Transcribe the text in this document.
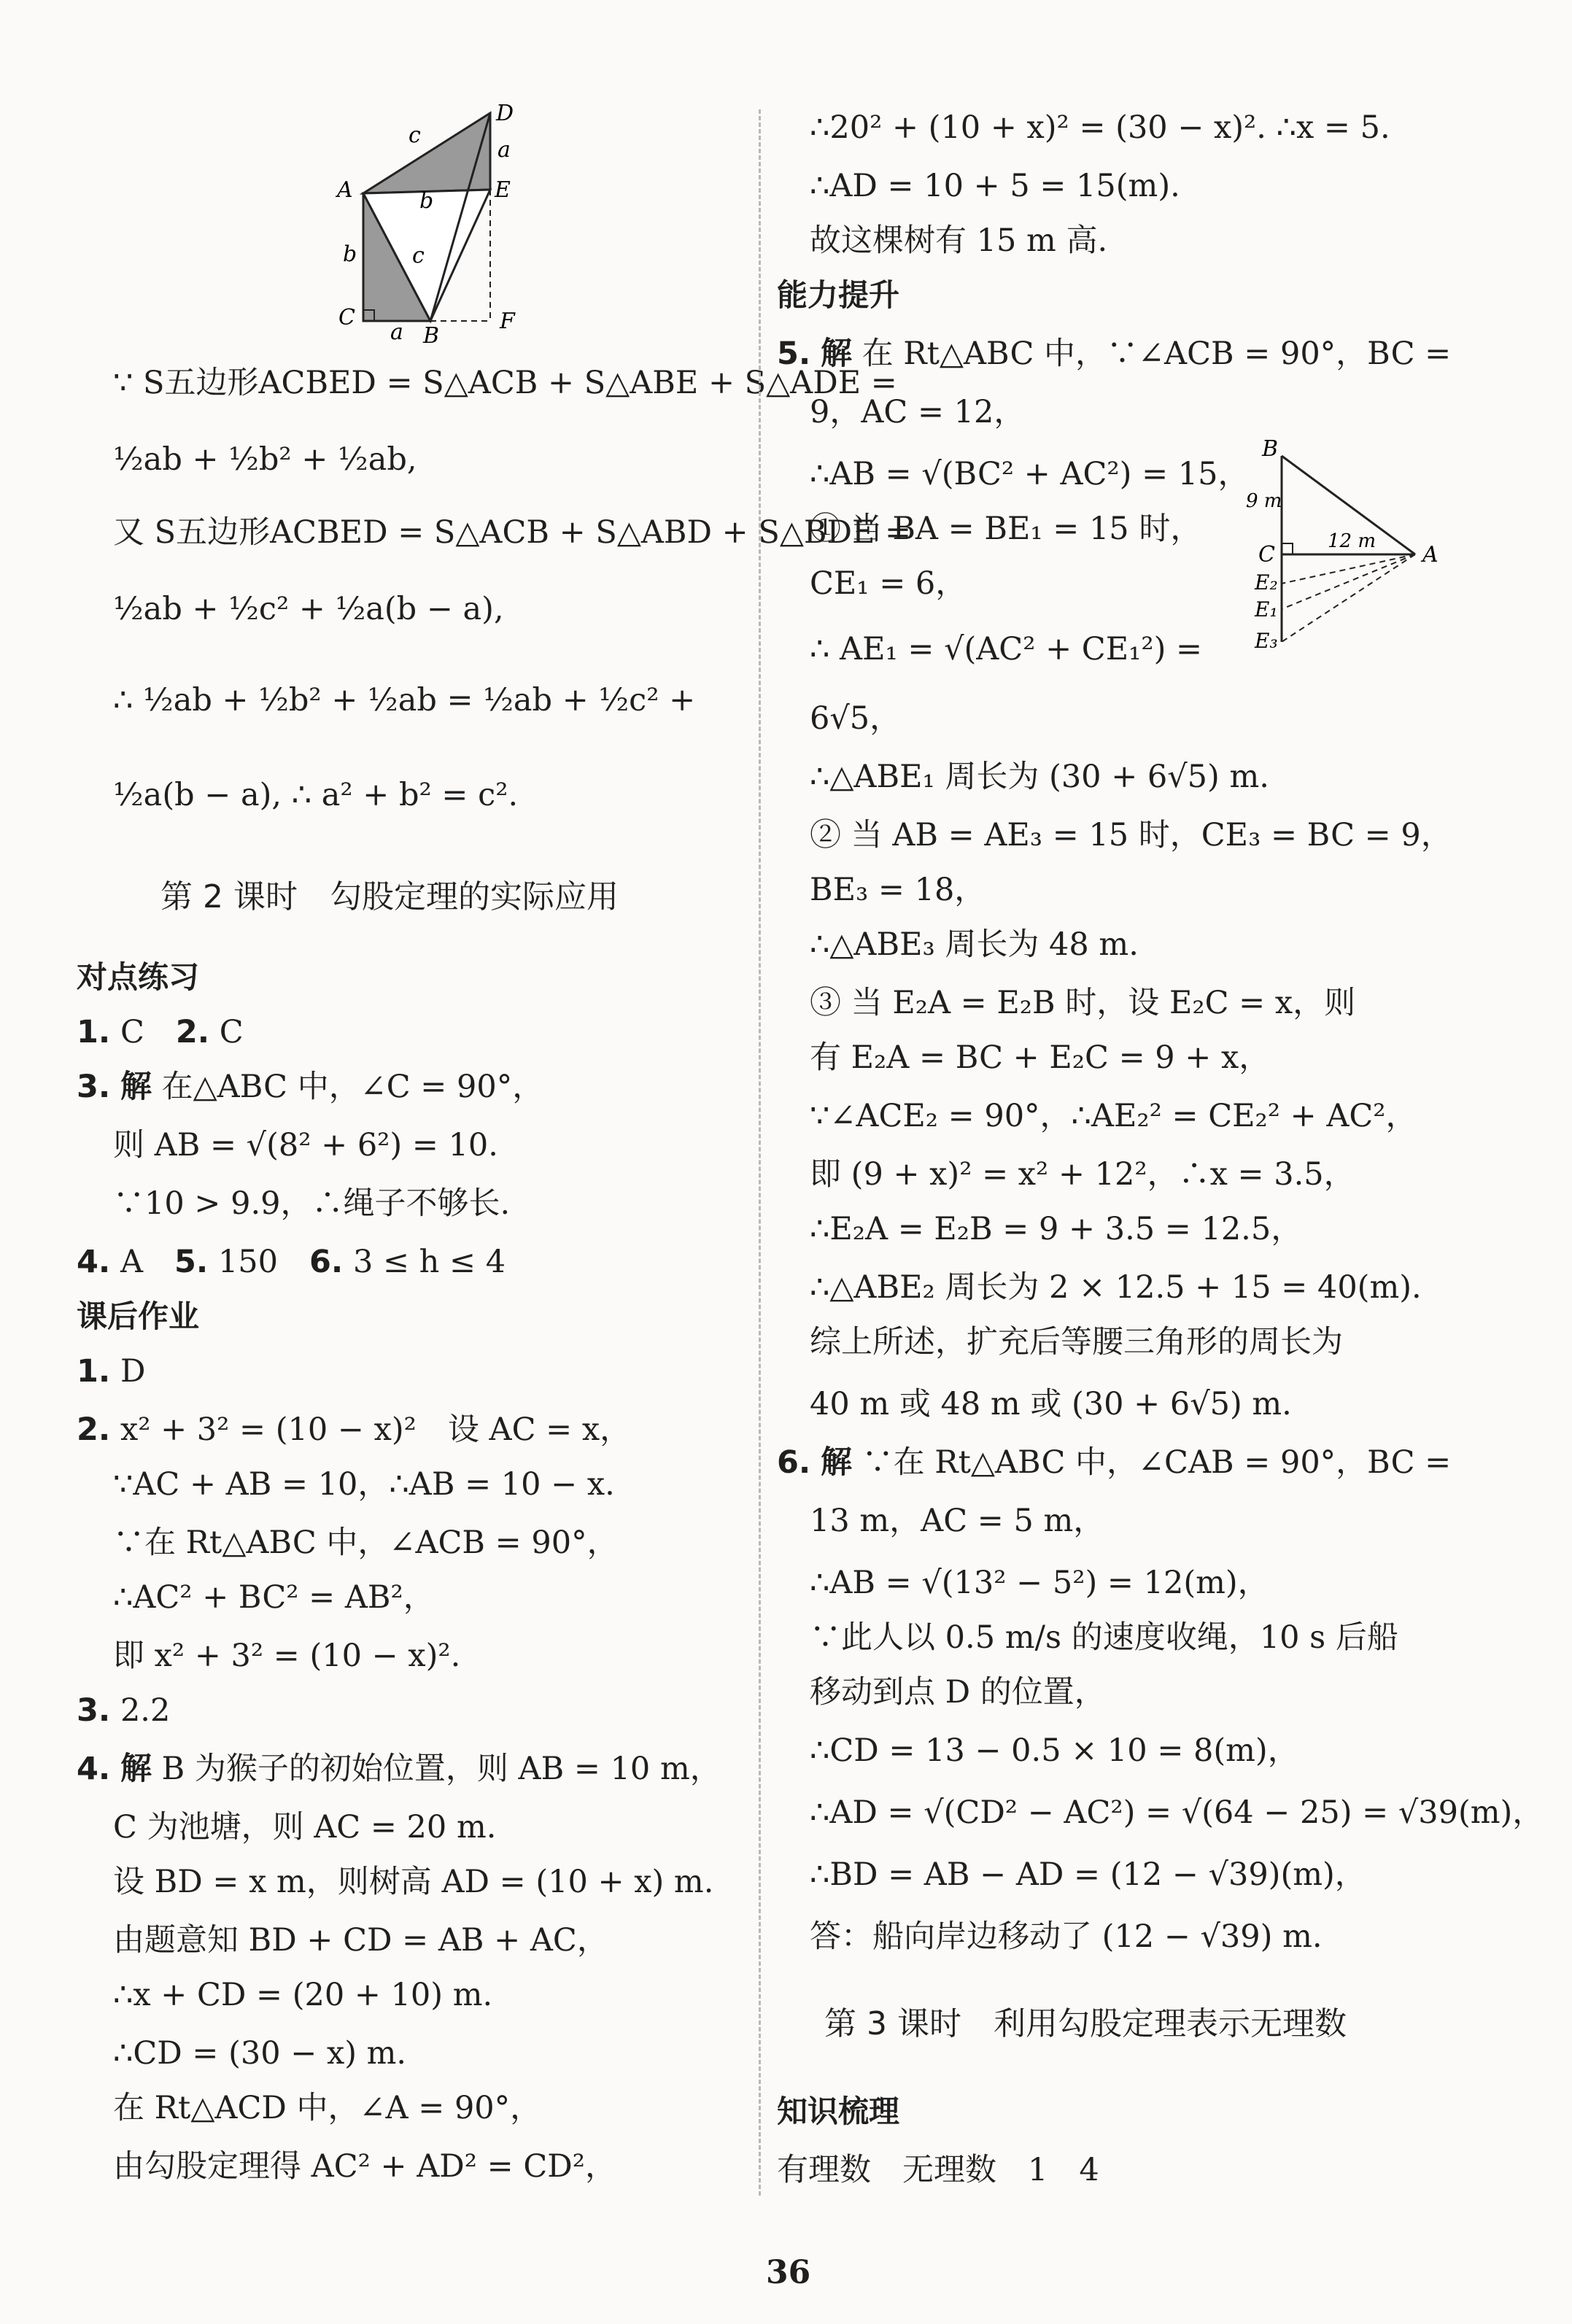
D
a
E
A
c
b
b	c
C
a B
F
∵ S五边形ACBED = S△ACB + S△ABE + S△ADE =
½ab + ½b² + ½ab,
又 S五边形ACBED = S△ACB + S△ABD + S△BDE =
½ab + ½c² + ½a(b − a),
∴ ½ab + ½b² + ½ab = ½ab + ½c² +
½a(b − a), ∴ a² + b² = c².
第 2 课时　勾股定理的实际应用
对点练习
1. C　 2. C
3. 解 在△ABC 中，∠C = 90°，
则 AB = √(8² + 6²) = 10.
∵10 > 9.9，∴绳子不够长.
4. A　 5. 150　 6. 3 ≤ h ≤ 4
课后作业
1. D
2. x² + 3² = (10 − x)²　设 AC = x，
∵AC + AB = 10，∴AB = 10 − x.
∵在 Rt△ABC 中，∠ACB = 90°，
∴AC² + BC² = AB²，
即 x² + 3² = (10 − x)².
3. 2.2
4. 解 B 为猴子的初始位置，则 AB = 10 m，
C 为池塘，则 AC = 20 m.
设 BD = x m，则树高 AD = (10 + x) m.
由题意知 BD + CD = AB + AC，
∴x + CD = (20 + 10) m.
∴CD = (30 − x) m.
在 Rt△ACD 中，∠A = 90°，
由勾股定理得 AC² + AD² = CD²，
∴20² + (10 + x)² = (30 − x)². ∴x = 5.
∴AD = 10 + 5 = 15(m).
故这棵树有 15 m 高.
能力提升
5. 解 在 Rt△ABC 中，∵∠ACB = 90°，BC =
9，AC = 12，
∴AB = √(BC² + AC²) = 15，
① 当 BA = BE₁ = 15 时，
CE₁ = 6，
∴ AE₁ = √(AC² + CE₁²) =
6√5，
∴△ABE₁ 周长为 (30 + 6√5) m.
② 当 AB = AE₃ = 15 时，CE₃ = BC = 9，
BE₃ = 18，
∴△ABE₃ 周长为 48 m.
③ 当 E₂A = E₂B 时，设 E₂C = x，则
有 E₂A = BC + E₂C = 9 + x，
∵∠ACE₂ = 90°，∴AE₂² = CE₂² + AC²，
即 (9 + x)² = x² + 12²，∴x = 3.5，
∴E₂A = E₂B = 9 + 3.5 = 12.5，
∴△ABE₂ 周长为 2 × 12.5 + 15 = 40(m).
综上所述，扩充后等腰三角形的周长为
40 m 或 48 m 或 (30 + 6√5) m.
6. 解 ∵在 Rt△ABC 中，∠CAB = 90°，BC =
13 m，AC = 5 m，
∴AB = √(13² − 5²) = 12(m)，
∵此人以 0.5 m/s 的速度收绳，10 s 后船
移动到点 D 的位置，
∴CD = 13 − 0.5 × 10 = 8(m)，
∴AD = √(CD² − AC²) = √(64 − 25) = √39(m)，
∴BD = AB − AD = (12 − √39)(m)，
答：船向岸边移动了 (12 − √39) m.
第 3 课时　利用勾股定理表示无理数
知识梳理
有理数　无理数　1　4
B
9 m
12 m
C	A
E₂
E₁
E₃
36
